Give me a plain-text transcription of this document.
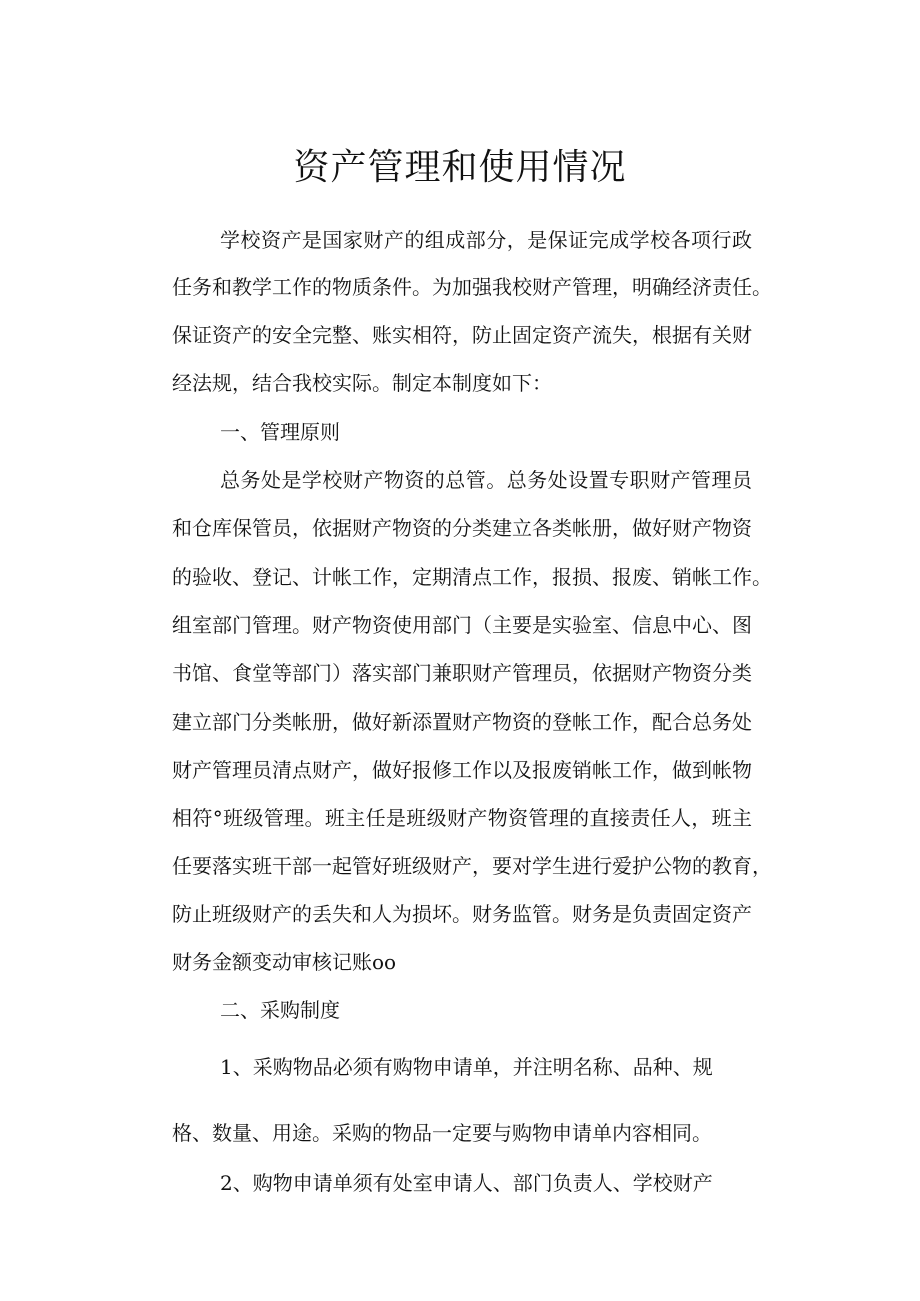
资产管理和使用情况
学校资产是国家财产的组成部分，是保证完成学校各项行政
任务和教学工作的物质条件。为加强我校财产管理，明确经济责任。
保证资产的安全完整、账实相符，防止固定资产流失，根据有关财
经法规，结合我校实际。制定本制度如下：
一、管理原则
总务处是学校财产物资的总管。总务处设置专职财产管理员
和仓库保管员，依据财产物资的分类建立各类帐册，做好财产物资
的验收、登记、计帐工作，定期清点工作，报损、报废、销帐工作。
组室部门管理。财产物资使用部门（主要是实验室、信息中心、图
书馆、食堂等部门）落实部门兼职财产管理员，依据财产物资分类
建立部门分类帐册，做好新添置财产物资的登帐工作，配合总务处
财产管理员清点财产，做好报修工作以及报废销帐工作，做到帐物
相符°班级管理。班主任是班级财产物资管理的直接责任人，班主
任要落实班干部一起管好班级财产，要对学生进行爱护公物的教育，
防止班级财产的丢失和人为损坏。财务监管。财务是负责固定资产
财务金额变动审核记账oo
二、采购制度
1、采购物品必须有购物申请单，并注明名称、品种、规
格、数量、用途。采购的物品一定要与购物申请单内容相同。
2、购物申请单须有处室申请人、部门负责人、学校财产
